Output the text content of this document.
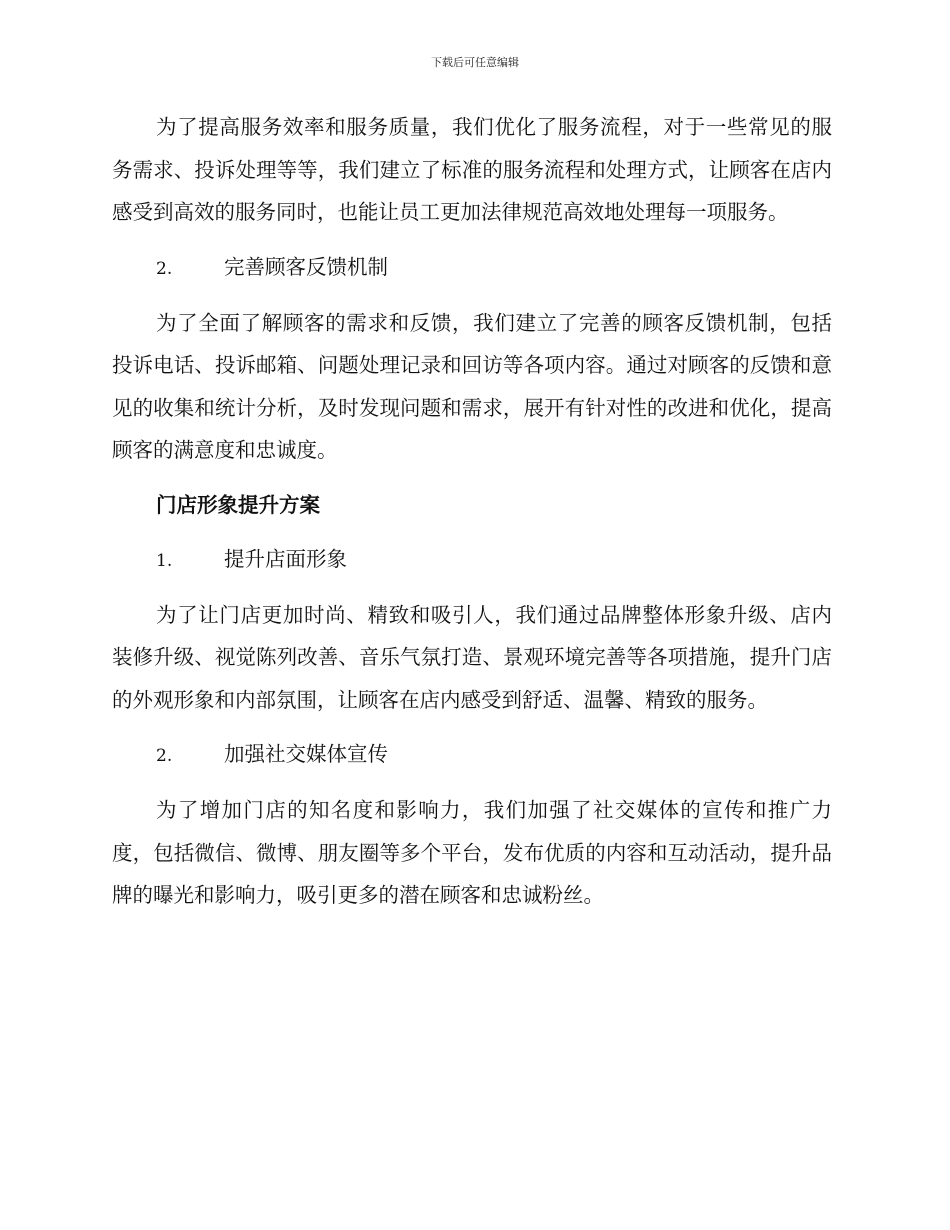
下载后可任意编辑

为了提高服务效率和服务质量，我们优化了服务流程，对于一些常见的服务需求、投诉处理等等，我们建立了标准的服务流程和处理方式，让顾客在店内感受到高效的服务同时，也能让员工更加法律规范高效地处理每一项服务。

2.	完善顾客反馈机制

为了全面了解顾客的需求和反馈，我们建立了完善的顾客反馈机制，包括投诉电话、投诉邮箱、问题处理记录和回访等各项内容。通过对顾客的反馈和意见的收集和统计分析，及时发现问题和需求，展开有针对性的改进和优化，提高顾客的满意度和忠诚度。

门店形象提升方案
1.	提升店面形象

为了让门店更加时尚、精致和吸引人，我们通过品牌整体形象升级、店内装修升级、视觉陈列改善、音乐气氛打造、景观环境完善等各项措施，提升门店的外观形象和内部氛围，让顾客在店内感受到舒适、温馨、精致的服务。

2.	加强社交媒体宣传

为了增加门店的知名度和影响力，我们加强了社交媒体的宣传和推广力度，包括微信、微博、朋友圈等多个平台，发布优质的内容和互动活动，提升品牌的曝光和影响力，吸引更多的潜在顾客和忠诚粉丝。
